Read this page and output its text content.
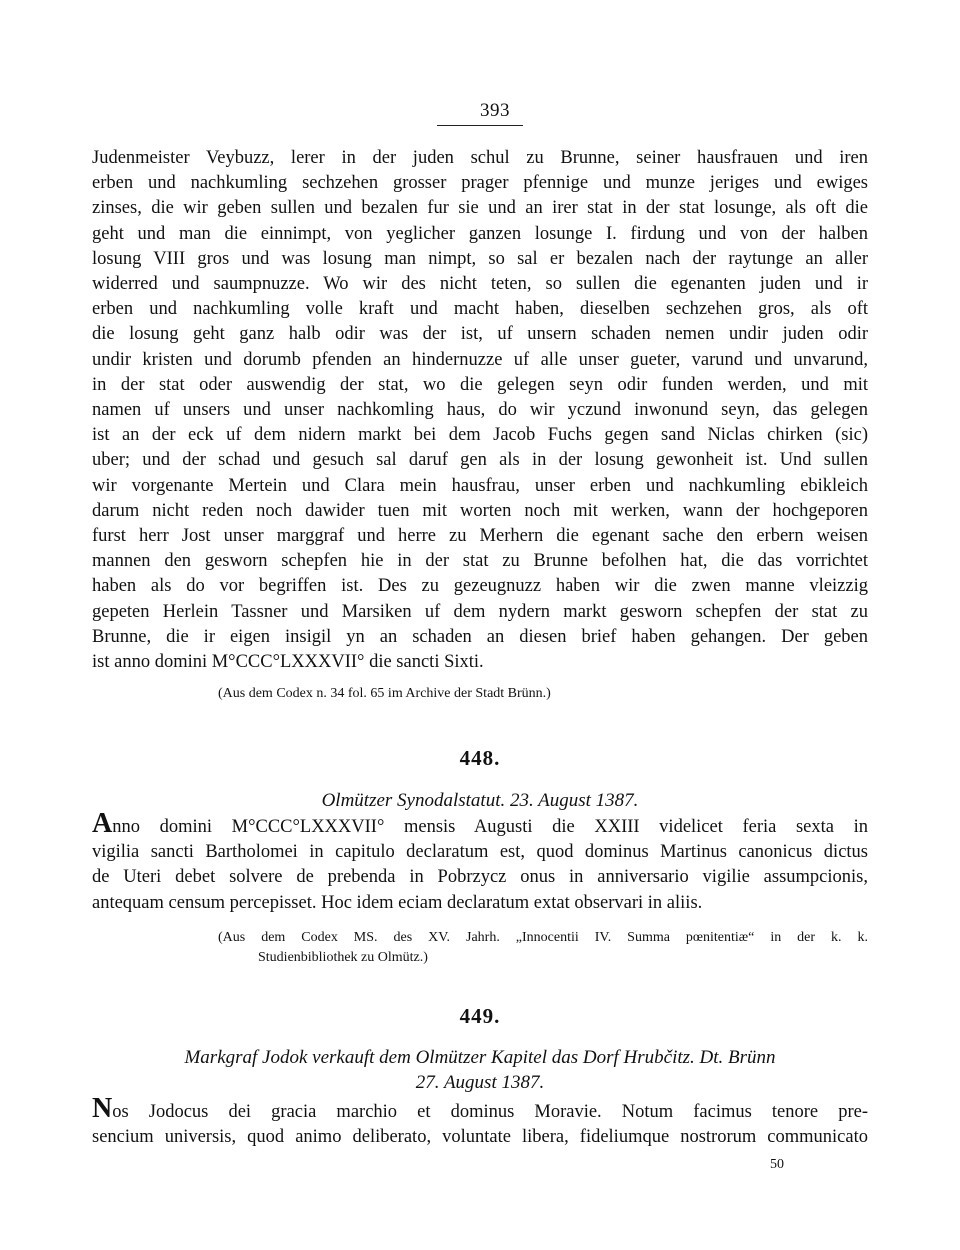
393

Judenmeister Veybuzz, lerer in der juden schul zu Brunne, seiner hausfrauen und iren
erben und nachkumling sechzehen grosser prager pfennige und munze jeriges und ewiges
zinses, die wir geben sullen und bezalen fur sie und an irer stat in der stat losunge, als oft die
geht und man die einnimpt, von yeglicher ganzen losunge I. firdung und von der halben
losung VIII gros und was losung man nimpt, so sal er bezalen nach der raytunge an aller
widerred und saumpnuzze. Wo wir des nicht teten, so sullen die egenanten juden und ir
erben und nachkumling volle kraft und macht haben, dieselben sechzehen gros, als oft
die losung geht ganz halb odir was der ist, uf unsern schaden nemen undir juden odir
undir kristen und dorumb pfenden an hindernuzze uf alle unser gueter, varund und unvarund,
in der stat oder auswendig der stat, wo die gelegen seyn odir funden werden, und mit
namen uf unsers und unser nachkomling haus, do wir yczund inwonund seyn, das gelegen
ist an der eck uf dem nidern markt bei dem Jacob Fuchs gegen sand Niclas chirken (sic)
uber; und der schad und gesuch sal daruf gen als in der losung gewonheit ist. Und sullen
wir vorgenante Mertein und Clara mein hausfrau, unser erben und nachkumling ebikleich
darum nicht reden noch dawider tuen mit worten noch mit werken, wann der hochgeporen
furst herr Jost unser marggraf und herre zu Merhern die egenant sache den erbern weisen
mannen den gesworn schepfen hie in der stat zu Brunne befolhen hat, die das vorrichtet
haben als do vor begriffen ist. Des zu gezeugnuzz haben wir die zwen manne vleizzig
gepeten Herlein Tassner und Marsiken uf dem nydern markt gesworn schepfen der stat zu
Brunne, die ir eigen insigil yn an schaden an diesen brief haben gehangen. Der geben
ist anno domini M°CCC°LXXXVII° die sancti Sixti.

(Aus dem Codex n. 34 fol. 65 im Archive der Stadt Brünn.)
448.
Olmützer Synodalstatut. 23. August 1387.

Anno domini M°CCC°LXXXVII° mensis Augusti die XXIII videlicet feria sexta in
vigilia sancti Bartholomei in capitulo declaratum est, quod dominus Martinus canonicus dictus
de Uteri debet solvere de prebenda in Pobrzycz onus in anniversario vigilie assumpcionis,
antequam censum percepisset. Hoc idem eciam declaratum extat observari in aliis.

(Aus dem Codex MS. des XV. Jahrh. „Innocentii IV. Summa pœnitentiæ“ in der k. k.
Studienbibliothek zu Olmütz.)
449.
Markgraf Jodok verkauft dem Olmützer Kapitel das Dorf Hrubčitz. Dt. Brünn
27. August 1387.

Nos Jodocus dei gracia marchio et dominus Moravie. Notum facimus tenore pre-
sencium universis, quod animo deliberato, voluntate libera, fideliumque nostrorum communicato

50
